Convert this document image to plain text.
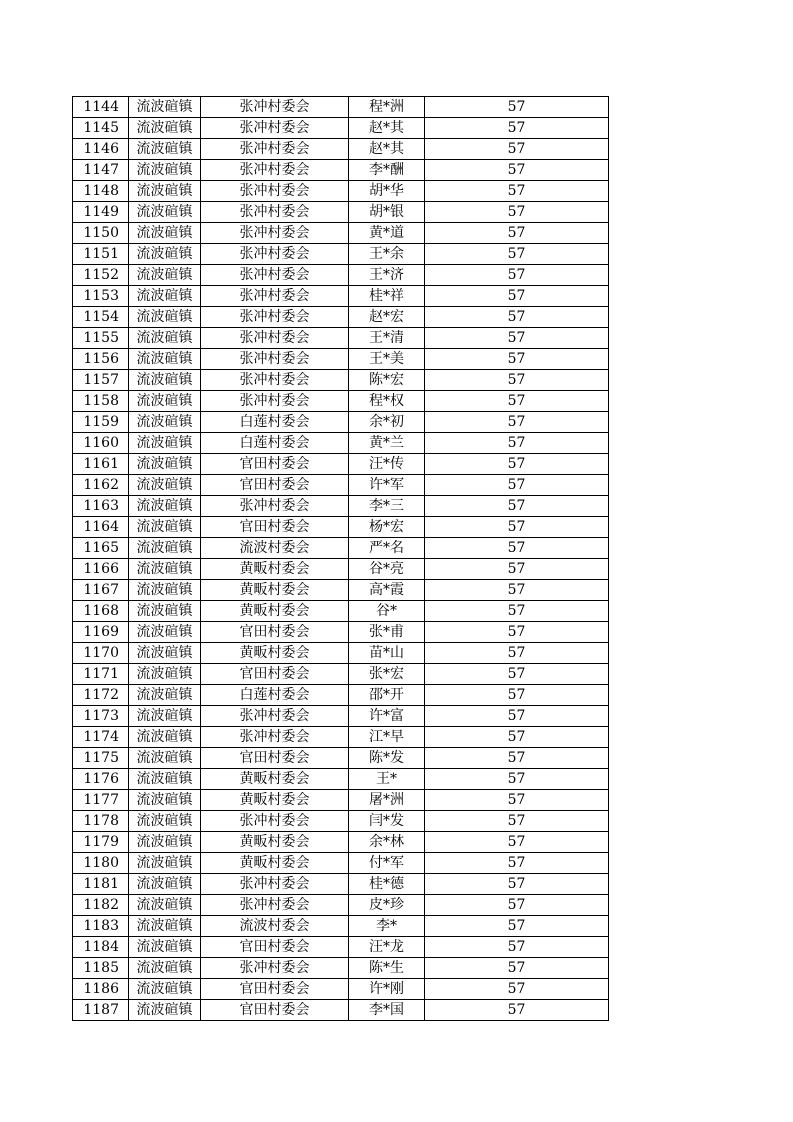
1144	流波碹镇	张冲村委会	程*洲	57
1145	流波碹镇	张冲村委会	赵*其	57
1146	流波碹镇	张冲村委会	赵*其	57
1147	流波碹镇	张冲村委会	李*酬	57
1148	流波碹镇	张冲村委会	胡*华	57
1149	流波碹镇	张冲村委会	胡*银	57
1150	流波碹镇	张冲村委会	黄*道	57
1151	流波碹镇	张冲村委会	王*余	57
1152	流波碹镇	张冲村委会	王*济	57
1153	流波碹镇	张冲村委会	桂*祥	57
1154	流波碹镇	张冲村委会	赵*宏	57
1155	流波碹镇	张冲村委会	王*清	57
1156	流波碹镇	张冲村委会	王*美	57
1157	流波碹镇	张冲村委会	陈*宏	57
1158	流波碹镇	张冲村委会	程*权	57
1159	流波碹镇	白莲村委会	余*初	57
1160	流波碹镇	白莲村委会	黄*兰	57
1161	流波碹镇	官田村委会	汪*传	57
1162	流波碹镇	官田村委会	许*军	57
1163	流波碹镇	张冲村委会	李*三	57
1164	流波碹镇	官田村委会	杨*宏	57
1165	流波碹镇	流波村委会	严*名	57
1166	流波碹镇	黄畈村委会	谷*亮	57
1167	流波碹镇	黄畈村委会	高*霞	57
1168	流波碹镇	黄畈村委会	谷*	57
1169	流波碹镇	官田村委会	张*甫	57
1170	流波碹镇	黄畈村委会	苗*山	57
1171	流波碹镇	官田村委会	张*宏	57
1172	流波碹镇	白莲村委会	邵*开	57
1173	流波碹镇	张冲村委会	许*富	57
1174	流波碹镇	张冲村委会	江*早	57
1175	流波碹镇	官田村委会	陈*发	57
1176	流波碹镇	黄畈村委会	王*	57
1177	流波碹镇	黄畈村委会	屠*洲	57
1178	流波碹镇	张冲村委会	闫*发	57
1179	流波碹镇	黄畈村委会	余*林	57
1180	流波碹镇	黄畈村委会	付*军	57
1181	流波碹镇	张冲村委会	桂*德	57
1182	流波碹镇	张冲村委会	皮*珍	57
1183	流波碹镇	流波村委会	李*	57
1184	流波碹镇	官田村委会	汪*龙	57
1185	流波碹镇	张冲村委会	陈*生	57
1186	流波碹镇	官田村委会	许*刚	57
1187	流波碹镇	官田村委会	李*国	57
